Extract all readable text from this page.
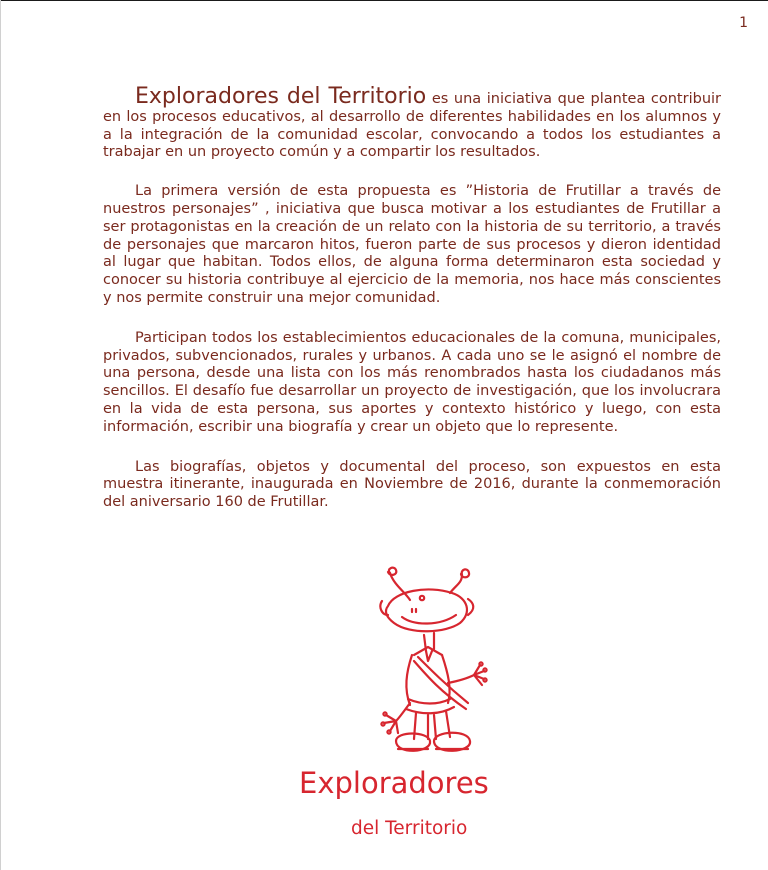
1

Exploradores del Territorio es una iniciativa que plantea contribuir en los procesos educativos, al desarrollo de diferentes habilidades en los alumnos y a la integración de la comunidad escolar, convocando a todos los estudiantes a trabajar en un proyecto común y a compartir los resultados.

La primera versión de esta propuesta es ”Historia de Frutillar a través de nuestros personajes” , iniciativa que busca motivar a los estudiantes de Frutillar a ser protagonistas en la creación de un relato con la historia de su territorio, a través de personajes que marcaron hitos, fueron parte de sus procesos y dieron identidad al lugar que habitan. Todos ellos, de alguna forma determinaron esta sociedad y conocer su historia contribuye al ejercicio de la memoria, nos hace más conscientes y nos permite construir una mejor comunidad.

Participan todos los establecimientos educacionales de la comuna, municipales, privados, subvencionados, rurales y urbanos. A cada uno se le asignó el nombre de una persona, desde una lista con los más renombrados hasta los ciudadanos más sencillos. El desafío fue desarrollar un proyecto de investigación, que los involucrara en la vida de esta persona, sus aportes y contexto histórico y luego, con esta información, escribir una biografía y crear un objeto que lo represente.

Las biografías, objetos y documental del proceso, son expuestos en esta muestra itinerante, inaugurada en Noviembre de 2016, durante la conmemoración del aniversario 160 de Frutillar.

Exploradores
del Territorio
